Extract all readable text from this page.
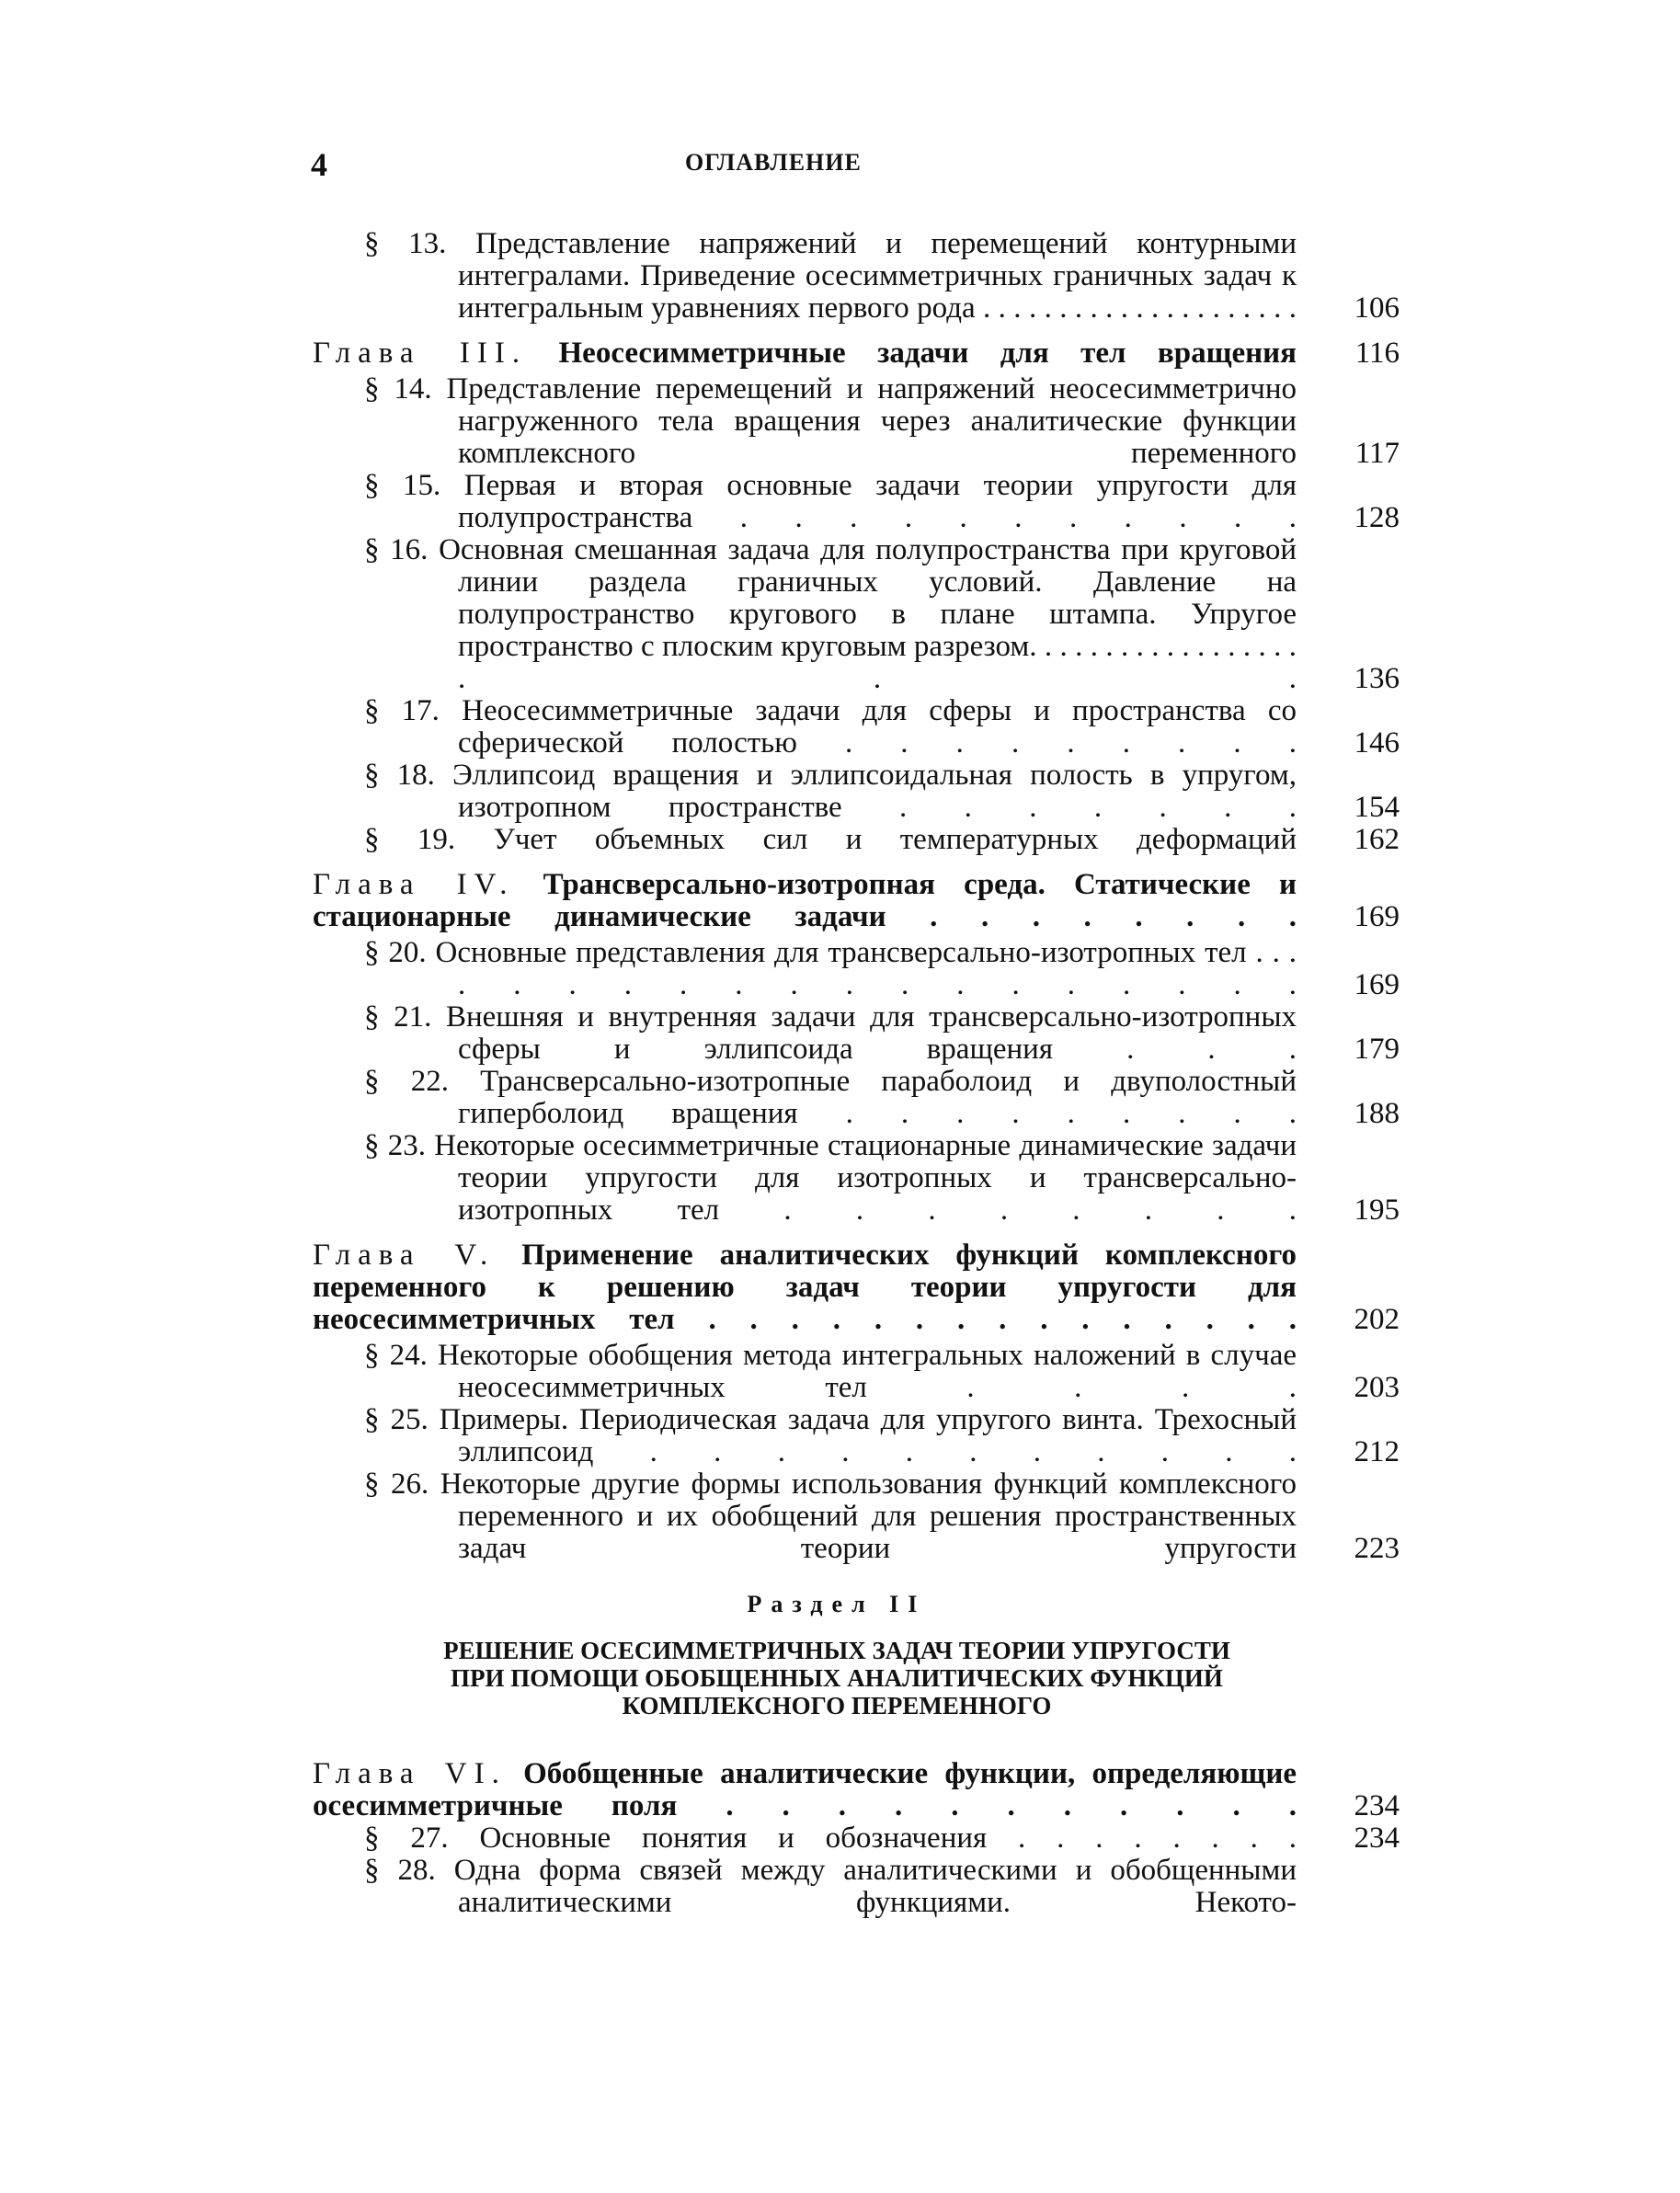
4	ОГЛАВЛЕНИЕ
§ 13. Представление напряжений и перемещений контурными интегралами. Приведение осесимметричных граничных задач к интегральным уравнениях первого рода . . . . . . . . . . . . . . . . . . . . .	106
Глава III. Неосесимметричные задачи для тел вращения	116
§ 14. Представление перемещений и напряжений неосесимметрично нагруженного тела вращения через аналитические функции комплексного переменного	117
§ 15. Первая и вторая основные задачи теории упругости для полупространства . . . . . . . . . . .	128
§ 16. Основная смешанная задача для полупространства при круговой линии раздела граничных условий. Давление на полупространство кругового в плане штампа. Упругое пространство с плоским круговым разрезом. . . . . . . . . . . . . . . . . . . . .	136
§ 17. Неосесимметричные задачи для сферы и пространства со сферической полостью . . . . . . . . .	146
§ 18. Эллипсоид вращения и эллипсоидальная полость в упругом, изотропном пространстве . . . . . . .	154
§ 19. Учет объемных сил и температурных деформаций	162
Глава IV. Трансверсально-изотропная среда. Статические и стационарные динамические задачи . . . . . . . .	169
§ 20. Основные представления для трансверсально-изотропных тел . . . . . . . . . . . . . . . . . . .	169
§ 21. Внешняя и внутренняя задачи для трансверсально-изотропных сферы и эллипсоида вращения . . .	179
§ 22. Трансверсально-изотропные параболоид и двуполостный гиперболоид вращения . . . . . . . . .	188
§ 23. Некоторые осесимметричные стационарные динамические задачи теории упругости для изотропных и трансверсально-изотропных тел . . . . . . . .	195
Глава V. Применение аналитических функций комплексного переменного к решению задач теории упругости для неосесимметричных тел . . . . . . . . . . . . . . .	202
§ 24. Некоторые обобщения метода интегральных наложений в случае неосесимметричных тел . . . .	203
§ 25. Примеры. Периодическая задача для упругого винта. Трехосный эллипсоид . . . . . . . . . . .	212
§ 26. Некоторые другие формы использования функций комплексного переменного и их обобщений для решения пространственных задач теории упругости	223
Раздел II
РЕШЕНИЕ ОСЕСИММЕТРИЧНЫХ ЗАДАЧ ТЕОРИИ УПРУГОСТИ
ПРИ ПОМОЩИ ОБОБЩЕННЫХ АНАЛИТИЧЕСКИХ ФУНКЦИЙ
КОМПЛЕКСНОГО ПЕРЕМЕННОГО
Глава VI. Обобщенные аналитические функции, определяющие осесимметричные поля . . . . . . . . . . .	234
§ 27. Основные понятия и обозначения . . . . . . . .	234
§ 28. Одна форма связей между аналитическими и обобщенными аналитическими функциями. Некото-
